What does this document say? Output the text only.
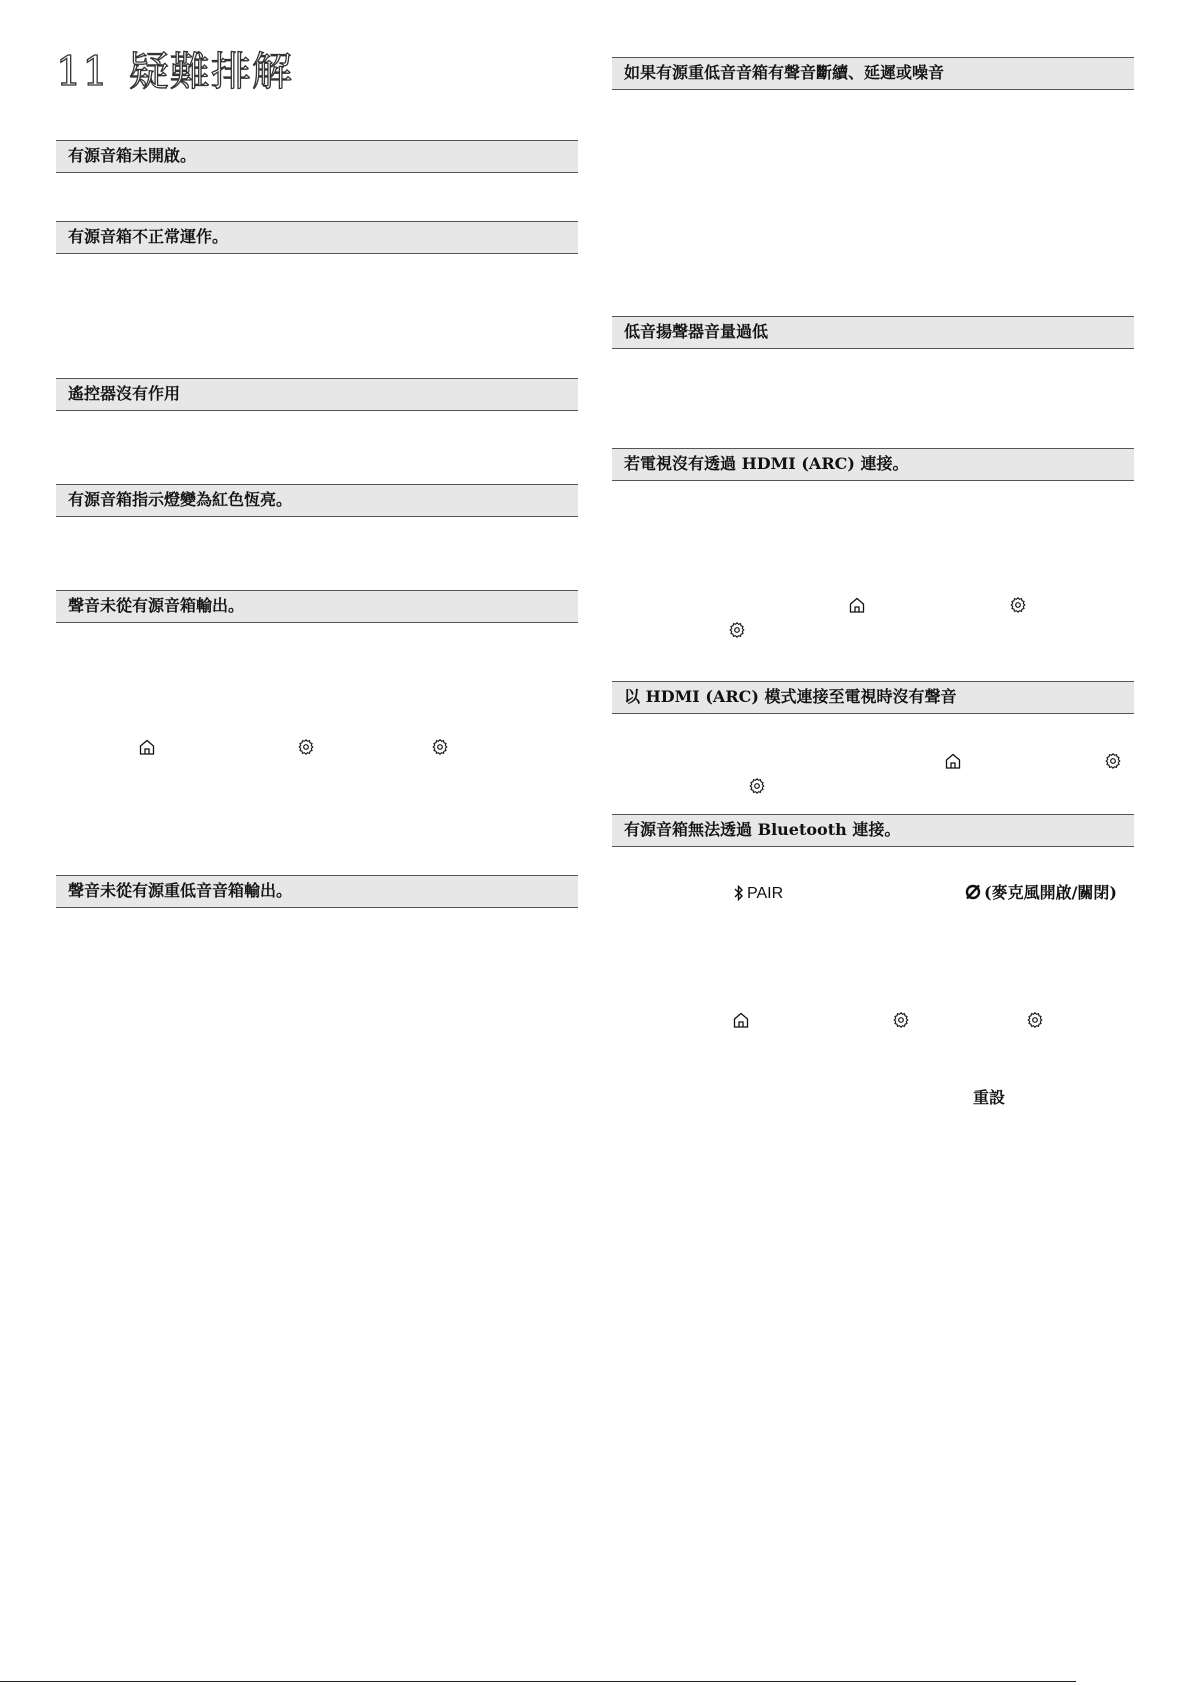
11 疑難排解
有源音箱未開啟。
有源音箱不正常運作。
遙控器沒有作用
有源音箱指示燈變為紅色恆亮。
聲音未從有源音箱輸出。
聲音未從有源重低音音箱輸出。
如果有源重低音音箱有聲音斷續、延遲或噪音
低音揚聲器音量過低
若電視沒有透過 HDMI (ARC) 連接。
以 HDMI (ARC) 模式連接至電視時沒有聲音
有源音箱無法透過 Bluetooth 連接。
PAIR	(麥克風開啟/關閉)
重設
